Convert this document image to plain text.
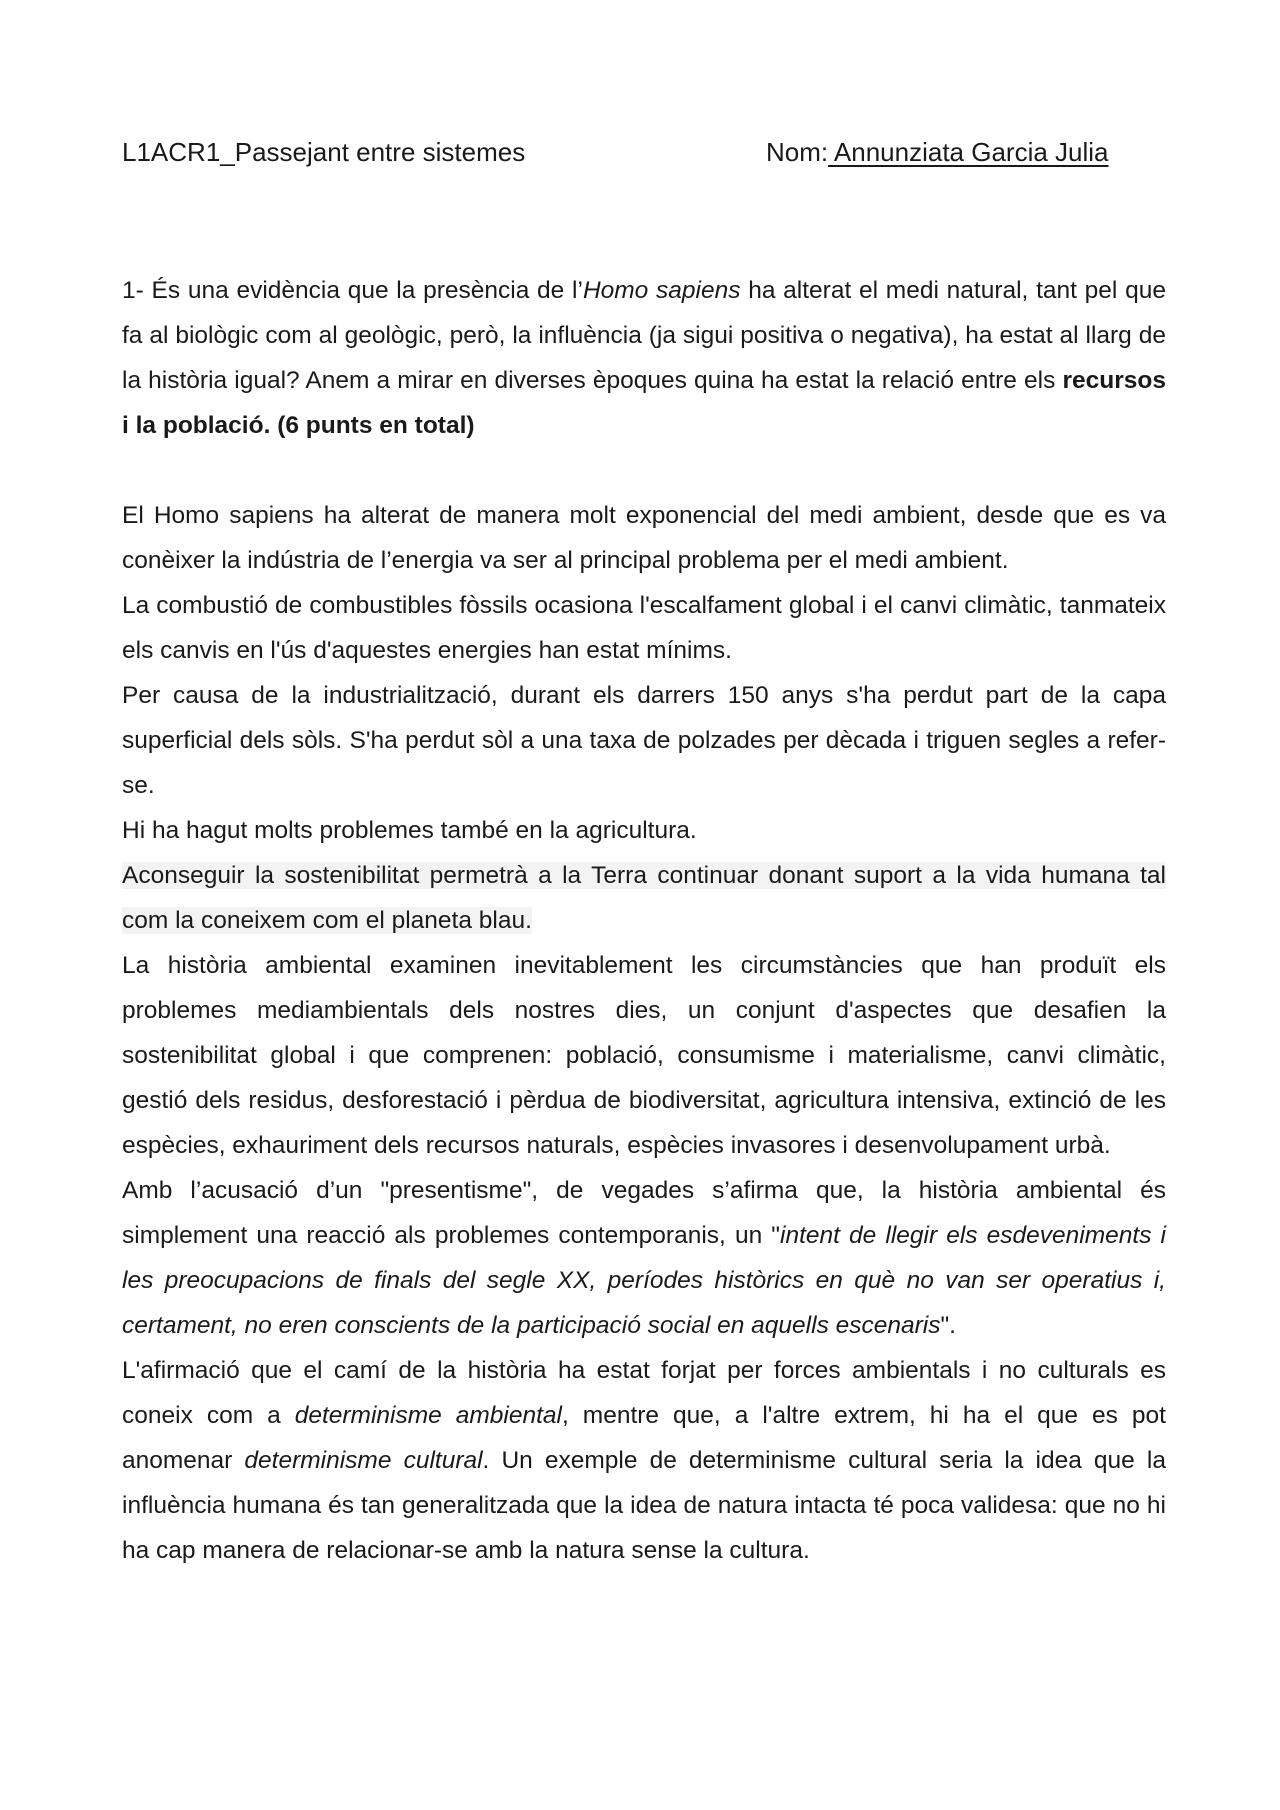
L1ACR1_Passejant entre sistemes	Nom: Annunziata Garcia Julia

1- És una evidència que la presència de l’Homo sapiens ha alterat el medi natural, tant pel que fa al biològic com al geològic, però, la influència (ja sigui positiva o negativa), ha estat al llarg de la història igual? Anem a mirar en diverses èpoques quina ha estat la relació entre els recursos i la població. (6 punts en total)

El Homo sapiens ha alterat de manera molt exponencial del medi ambient, desde que es va conèixer la indústria de l’energia va ser al principal problema per el medi ambient.

La combustió de combustibles fòssils ocasiona l'escalfament global i el canvi climàtic, tanmateix els canvis en l'ús d'aquestes energies han estat mínims.

Per causa de la industrialització, durant els darrers 150 anys s'ha perdut part de la capa superficial dels sòls. S'ha perdut sòl a una taxa de polzades per dècada i triguen segles a refer-se.

Hi ha hagut molts problemes també en la agricultura.

Aconseguir la sostenibilitat permetrà a la Terra continuar donant suport a la vida humana tal com la coneixem com el planeta blau.

La història ambiental examinen inevitablement les circumstàncies que han produït els problemes mediambientals dels nostres dies, un conjunt d'aspectes que desafien la sostenibilitat global i que comprenen: població, consumisme i materialisme, canvi climàtic, gestió dels residus, desforestació i pèrdua de biodiversitat, agricultura intensiva, extinció de les espècies, exhauriment dels recursos naturals, espècies invasores i desenvolupament urbà.

Amb l’acusació d’un "presentisme", de vegades s’afirma que, la història ambiental és simplement una reacció als problemes contemporanis, un "intent de llegir els esdeveniments i les preocupacions de finals del segle XX, períodes històrics en què no van ser operatius i, certament, no eren conscients de la participació social en aquells escenaris".

L'afirmació que el camí de la història ha estat forjat per forces ambientals i no culturals es coneix com a determinisme ambiental, mentre que, a l'altre extrem, hi ha el que es pot anomenar determinisme cultural. Un exemple de determinisme cultural seria la idea que la influència humana és tan generalitzada que la idea de natura intacta té poca validesa: que no hi ha cap manera de relacionar-se amb la natura sense la cultura.
